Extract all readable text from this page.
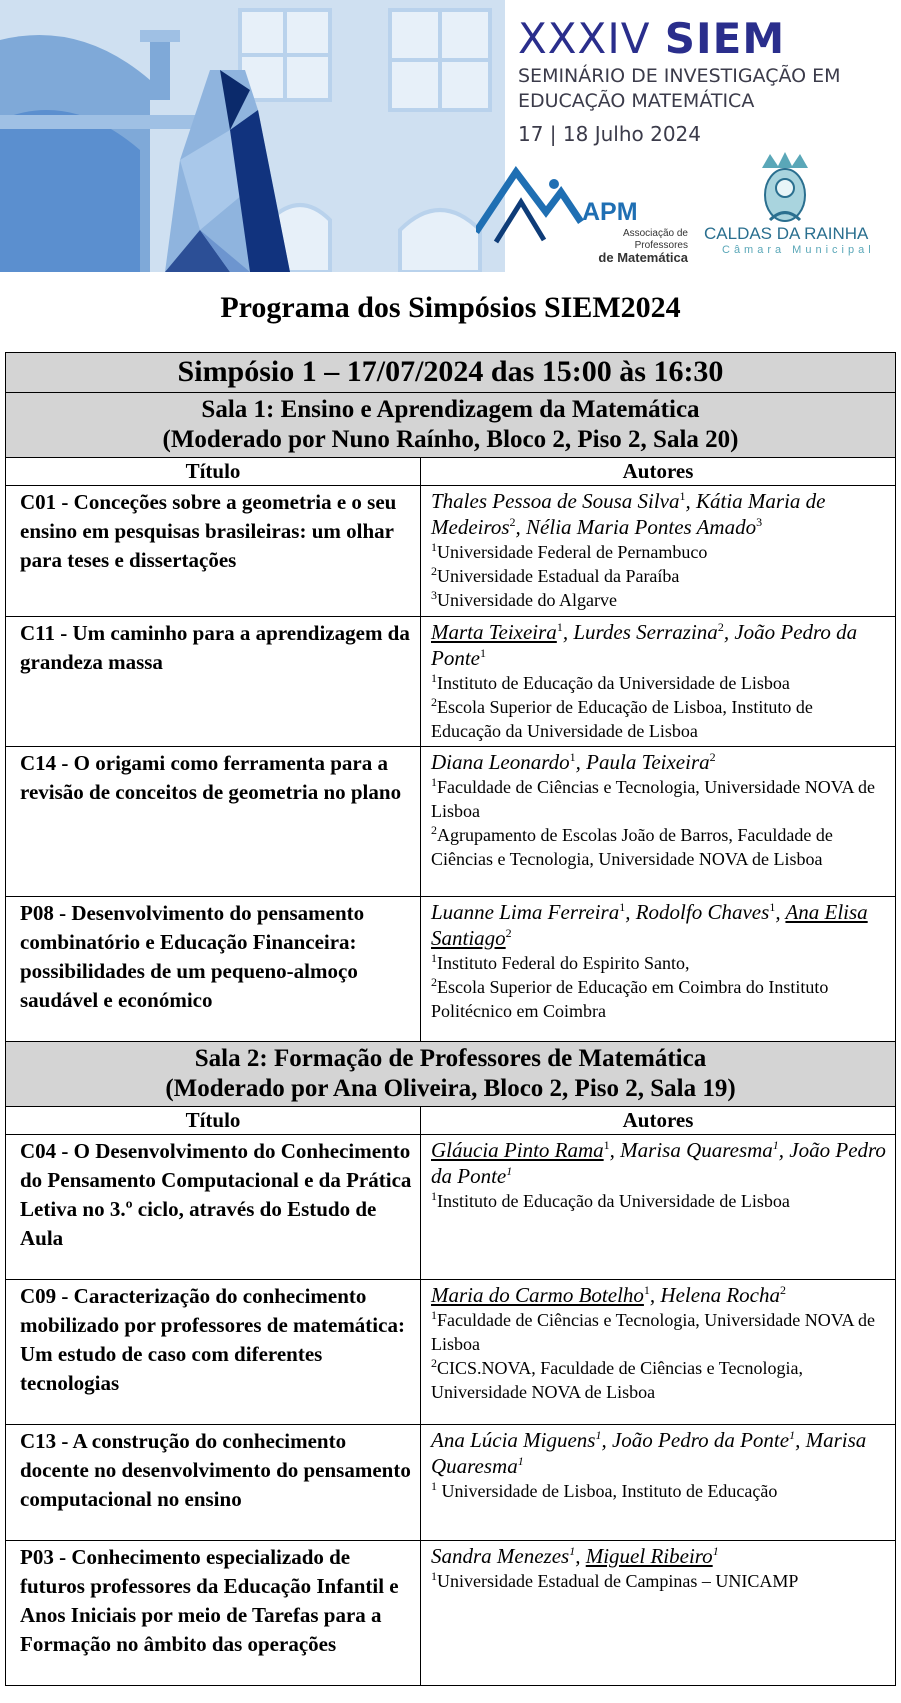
XXXIV SIEM
SEMINÁRIO DE INVESTIGAÇÃO EM
EDUCAÇÃO MATEMÁTICA
17 | 18 Julho 2024
APM
Associação de Professores
de Matemática
CALDAS DA RAINHA
Câmara Municipal
Programa dos Simpósios SIEM2024
Simpósio 1 – 17/07/2024 das 15:00 às 16:30	

Sala 1: Ensino e Aprendizagem da Matemática
(Moderado por Nuno Raínho, Bloco 2, Piso 2, Sala 20)	

Título	Autores
C01 - Conceções sobre a geometria e o seu ensino em pesquisas brasileiras: um olhar para teses e dissertações	Thales Pessoa de Sousa Silva$^1$, Kátia Maria de Medeiros$^2$, Nélia Maria Pontes Amado$^3$
$^1$Universidade Federal de Pernambuco
$^2$Universidade Estadual da Paraíba
$^3$Universidade do Algarve

C11 - Um caminho para a aprendizagem da grandeza massa	Marta Teixeira$^1$, Lurdes Serrazina$^2$, João Pedro da Ponte$^1$
$^1$Instituto de Educação da Universidade de Lisboa
$^2$Escola Superior de Educação de Lisboa, Instituto de Educação da Universidade de Lisboa

C14 - O origami como ferramenta para a revisão de conceitos de geometria no plano	Diana Leonardo$^1$, Paula Teixeira$^2$
$^1$Faculdade de Ciências e Tecnologia, Universidade NOVA de Lisboa
$^2$Agrupamento de Escolas João de Barros, Faculdade de Ciências e Tecnologia, Universidade NOVA de Lisboa

P08 - Desenvolvimento do pensamento combinatório e Educação Financeira: possibilidades de um pequeno-almoço saudável e económico	Luanne Lima Ferreira$^1$, Rodolfo Chaves$^1$, Ana Elisa Santiago$^2$
$^1$Instituto Federal do Espirito Santo,
$^2$Escola Superior de Educação em Coimbra do Instituto Politécnico em Coimbra

Sala 2: Formação de Professores de Matemática
(Moderado por Ana Oliveira, Bloco 2, Piso 2, Sala 19)	

Título	Autores
C04 - O Desenvolvimento do Conhecimento do Pensamento Computacional e da Prática Letiva no 3.º ciclo, através do Estudo de Aula	Gláucia Pinto Rama$^1$, Marisa Quaresma$^1$, João Pedro da Ponte$^1$
$^1$Instituto de Educação da Universidade de Lisboa

C09 - Caracterização do conhecimento mobilizado por professores de matemática: Um estudo de caso com diferentes tecnologias	Maria do Carmo Botelho$^1$, Helena Rocha$^2$
$^1$Faculdade de Ciências e Tecnologia, Universidade NOVA de Lisboa
$^2$CICS.NOVA, Faculdade de Ciências e Tecnologia, Universidade NOVA de Lisboa

C13 - A construção do conhecimento docente no desenvolvimento do pensamento computacional no ensino	Ana Lúcia Miguens$^1$, João Pedro da Ponte$^1$, Marisa Quaresma$^1$
$^1$ Universidade de Lisboa, Instituto de Educação

P03 - Conhecimento especializado de futuros professores da Educação Infantil e Anos Iniciais por meio de Tarefas para a Formação no âmbito das operações	Sandra Menezes$^1$, Miguel Ribeiro$^1$
$^1$Universidade Estadual de Campinas – UNICAMP
